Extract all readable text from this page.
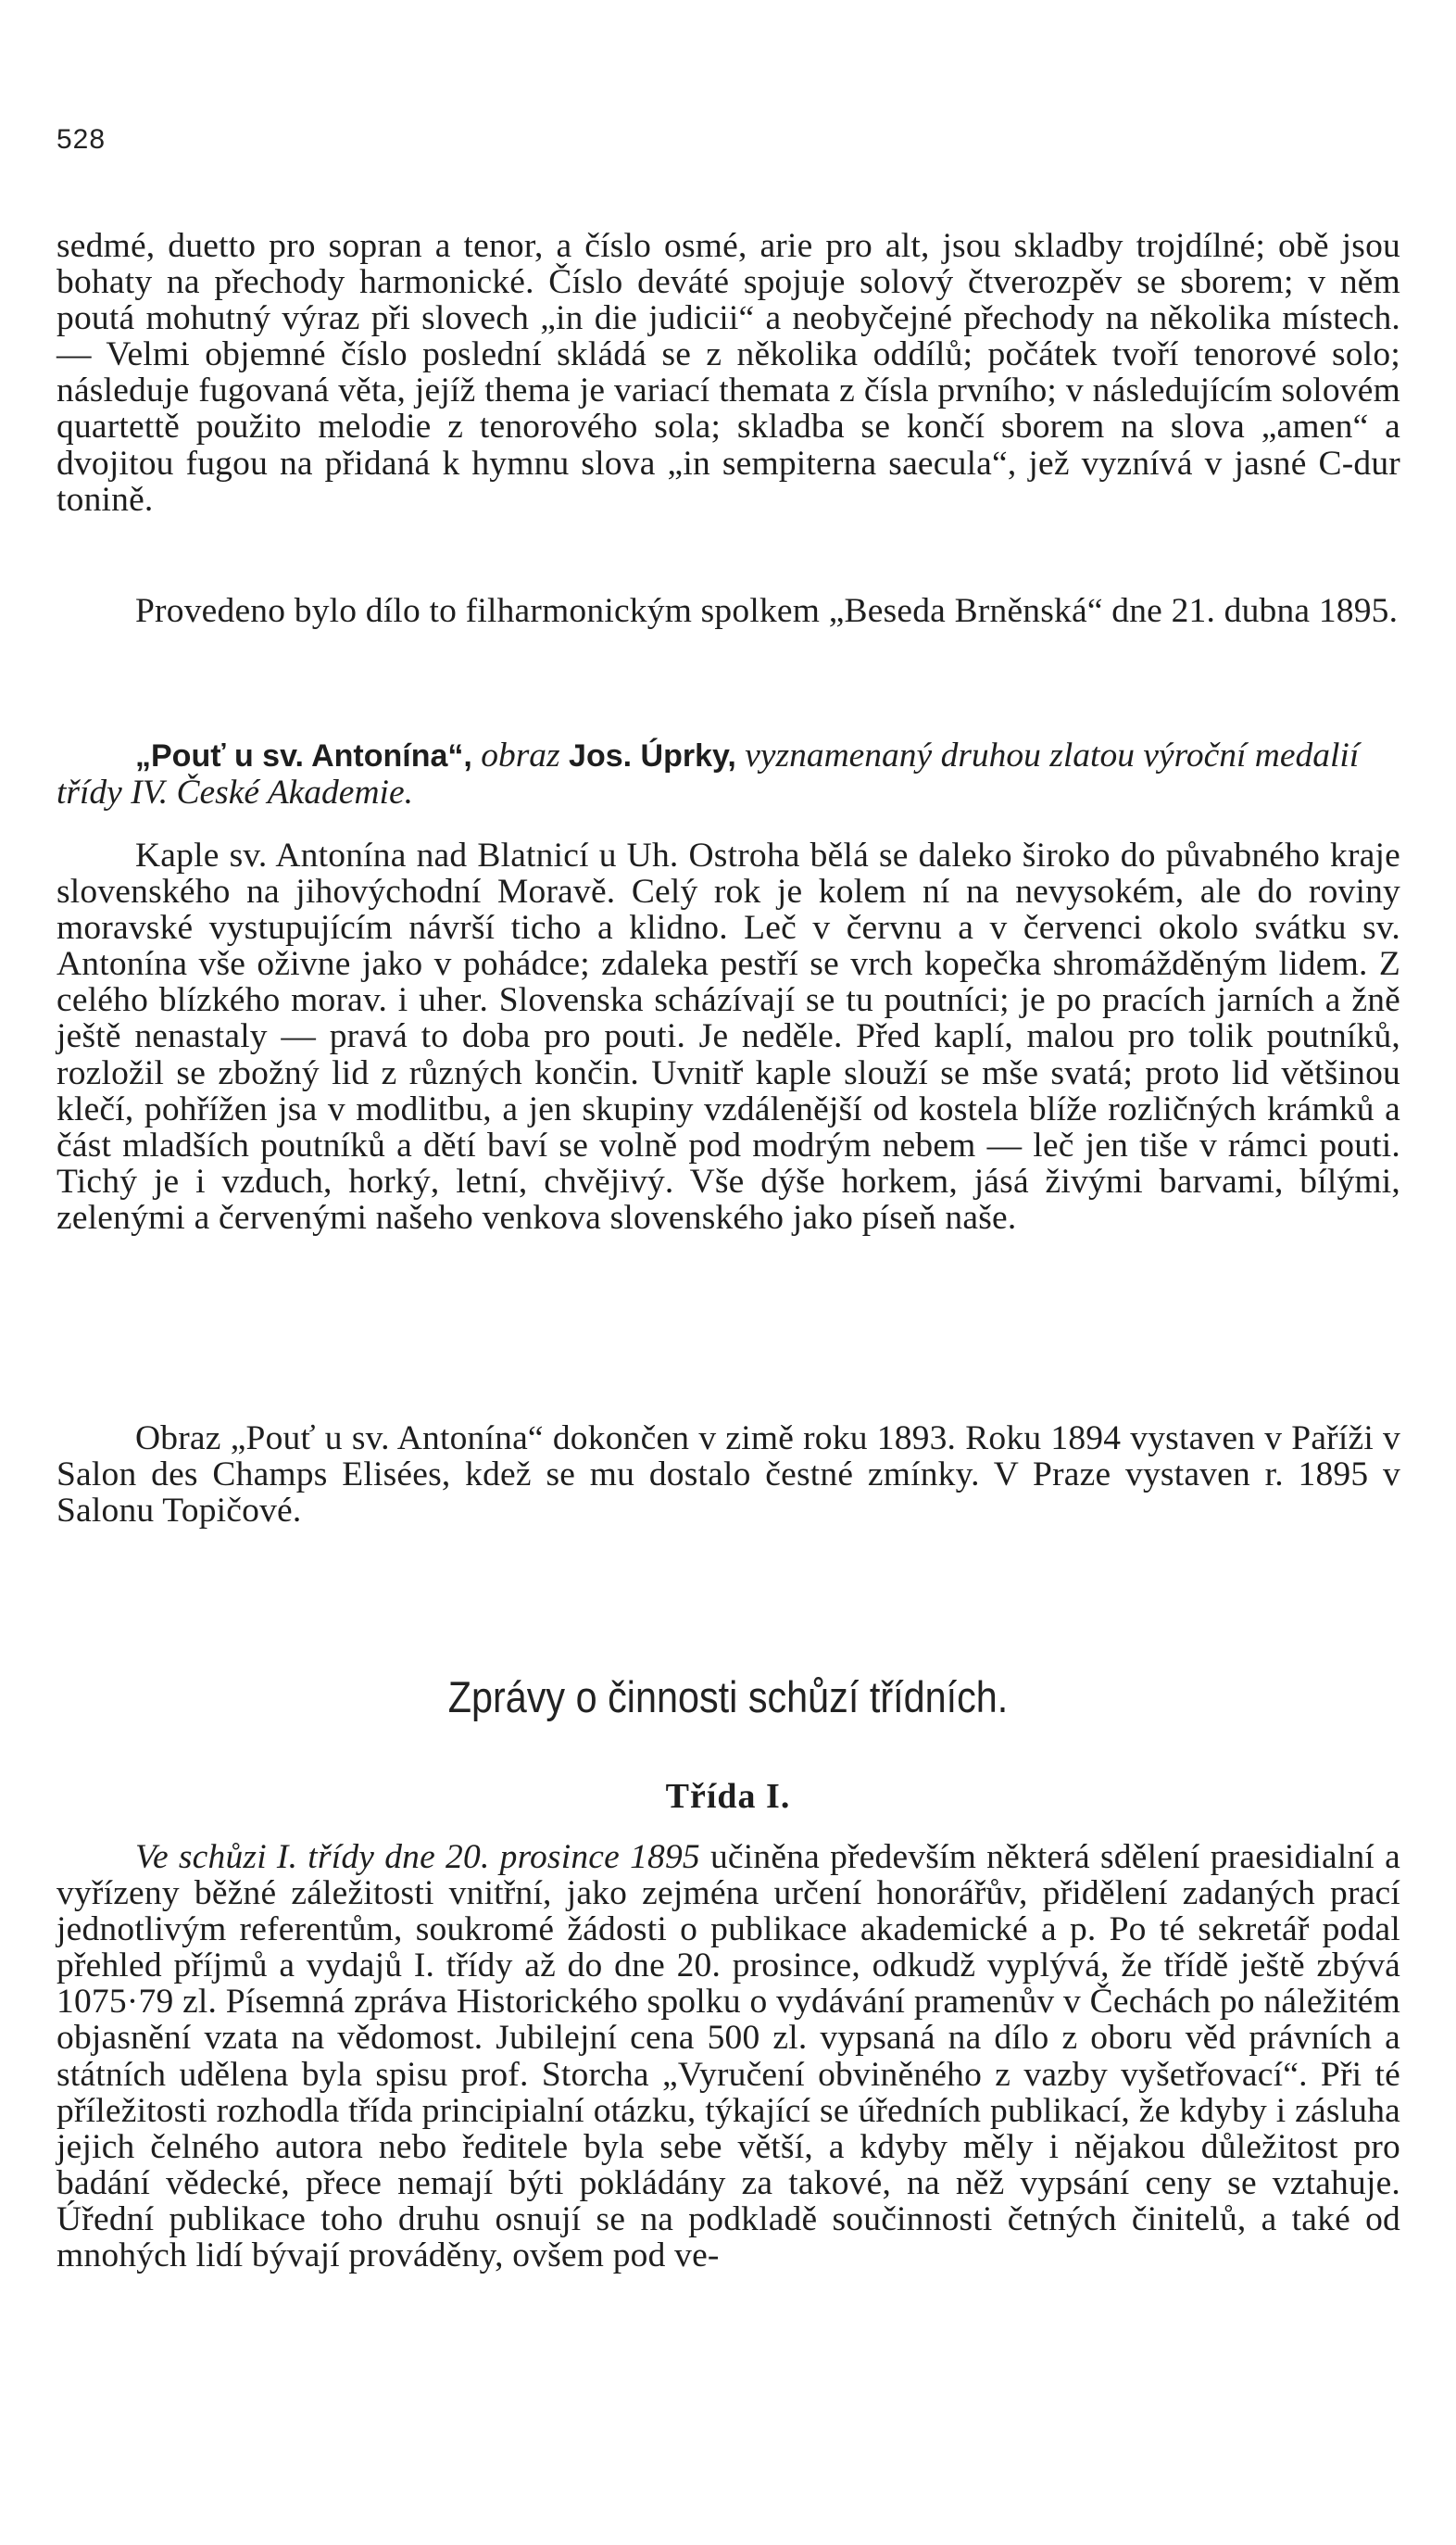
528

sedmé, duetto pro sopran a tenor, a číslo osmé, arie pro alt, jsou skladby trojdílné; obě jsou bohaty na přechody harmonické. Číslo deváté spojuje solový čtverozpěv se sborem; v něm poutá mohutný výraz při slovech „in die judicii“ a neobyčejné přechody na několika místech. — Velmi objemné číslo poslední skládá se z několika oddílů; počátek tvoří tenorové solo; následuje fugovaná věta, jejíž thema je variací themata z čísla prvního; v následujícím solovém quartettě použito melodie z tenorového sola; skladba se končí sborem na slova „amen“ a dvojitou fugou na přidaná k hymnu slova „in sempiterna saecula“, jež vyznívá v jasné C-dur tonině.

Provedeno bylo dílo to filharmonickým spolkem „Beseda Brněnská“ dne 21. dubna 1895.

„Pouť u sv. Antonína“, obraz Jos. Úprky, vyznamenaný druhou zlatou výroční medalií třídy IV. České Akademie.

Kaple sv. Antonína nad Blatnicí u Uh. Ostroha bělá se daleko široko do půvabného kraje slovenského na jihovýchodní Moravě. Celý rok je kolem ní na nevysokém, ale do roviny moravské vystupujícím návrší ticho a klidno. Leč v červnu a v červenci okolo svátku sv. Antonína vše oživne jako v pohádce; zdaleka pestří se vrch kopečka shromážděným lidem. Z celého blízkého morav. i uher. Slovenska scházívají se tu poutníci; je po pracích jarních a žně ještě nenastaly — pravá to doba pro pouti. Je neděle. Před kaplí, malou pro tolik poutníků, rozložil se zbožný lid z různých končin. Uvnitř kaple slouží se mše svatá; proto lid většinou klečí, pohřížen jsa v modlitbu, a jen skupiny vzdálenější od kostela blíže rozličných krámků a část mladších poutníků a dětí baví se volně pod modrým nebem — leč jen tiše v rámci pouti. Tichý je i vzduch, horký, letní, chvějivý. Vše dýše horkem, jásá živými barvami, bílými, zelenými a červenými našeho venkova slovenského jako píseň naše.

Obraz „Pouť u sv. Antonína“ dokončen v zimě roku 1893. Roku 1894 vystaven v Paříži v Salon des Champs Elisées, kdež se mu dostalo čestné zmínky. V Praze vystaven r. 1895 v Salonu Topičové.

Zprávy o činnosti schůzí třídních.
Třída I.

Ve schůzi I. třídy dne 20. prosince 1895 učiněna především některá sdělení praesidialní a vyřízeny běžné záležitosti vnitřní, jako zejména určení honorářův, přidělení zadaných prací jednotlivým referentům, soukromé žádosti o publikace akademické a p. Po té sekretář podal přehled příjmů a vydajů I. třídy až do dne 20. prosince, odkudž vyplývá, že třídě ještě zbývá 1075·79 zl. Písemná zpráva Historického spolku o vydávání pramenův v Čechách po náležitém objasnění vzata na vědomost. Jubilejní cena 500 zl. vypsaná na dílo z oboru věd právních a státních udělena byla spisu prof. Storcha „Vyručení obviněného z vazby vyšetřovací“. Při té příležitosti rozhodla třída principialní otázku, týkající se úředních publikací, že kdyby i zásluha jejich čelného autora nebo ředitele byla sebe větší, a kdyby měly i nějakou důležitost pro badání vědecké, přece nemají býti pokládány za takové, na něž vypsání ceny se vztahuje. Úřední publikace toho druhu osnují se na podkladě součinnosti četných činitelů, a také od mnohých lidí bývají prováděny, ovšem pod ve-
